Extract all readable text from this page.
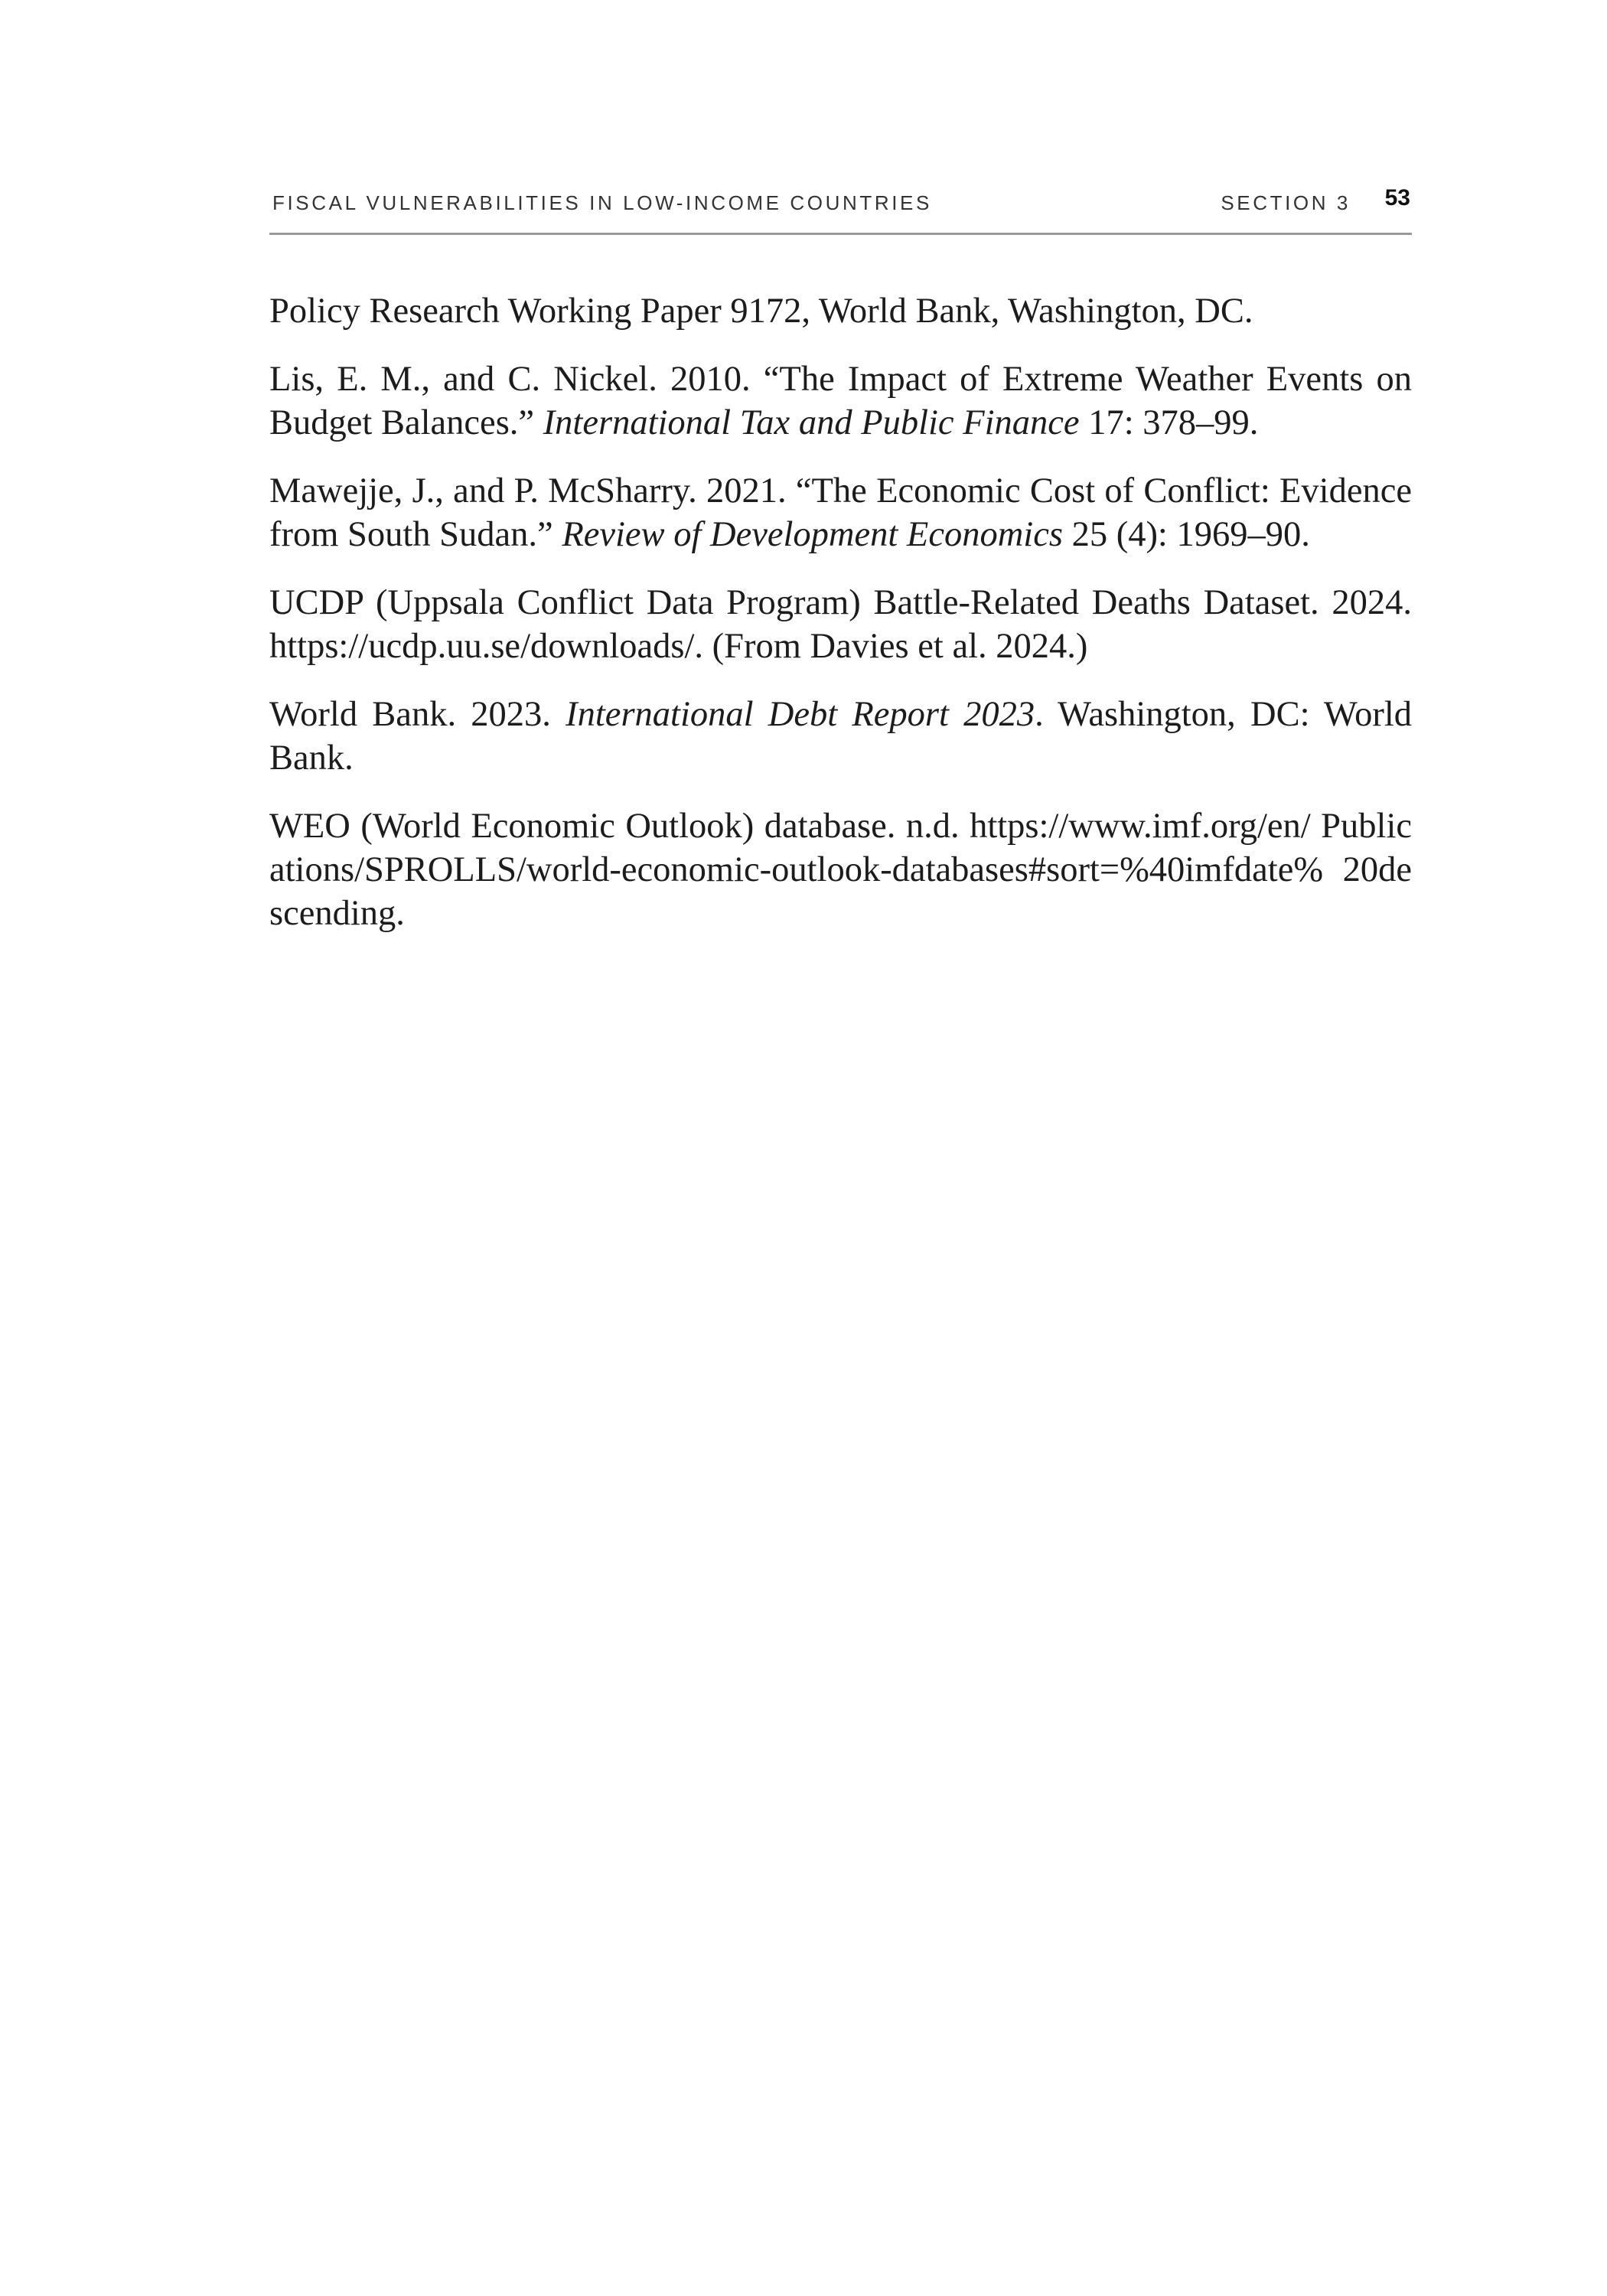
FISCAL VULNERABILITIES IN LOW-INCOME COUNTRIES	SECTION 3 53

Policy Research Working Paper 9172, World Bank, Washington, DC.

Lis, E. M., and C. Nickel. 2010. “The Impact of Extreme Weather Events on Budget Balances.” International Tax and Public Finance 17: 378–99.

Mawejje, J., and P. McSharry. 2021. “The Economic Cost of Conflict: Evidence from South Sudan.” Review of Development Economics 25 (4): 1969–90.

UCDP (Uppsala Conflict Data Program) Battle-Related Deaths Dataset. 2024. https://ucdp.uu.se/downloads/. (From Davies et al. 2024.)

World Bank. 2023. International Debt Report 2023. Washington, DC: World Bank.

WEO (World Economic Outlook) database. n.d. https://www.imf.org/en/ Publications/SPROLLS/world-economic-outlook-databases#sort=%40imfdate% 20descending.
